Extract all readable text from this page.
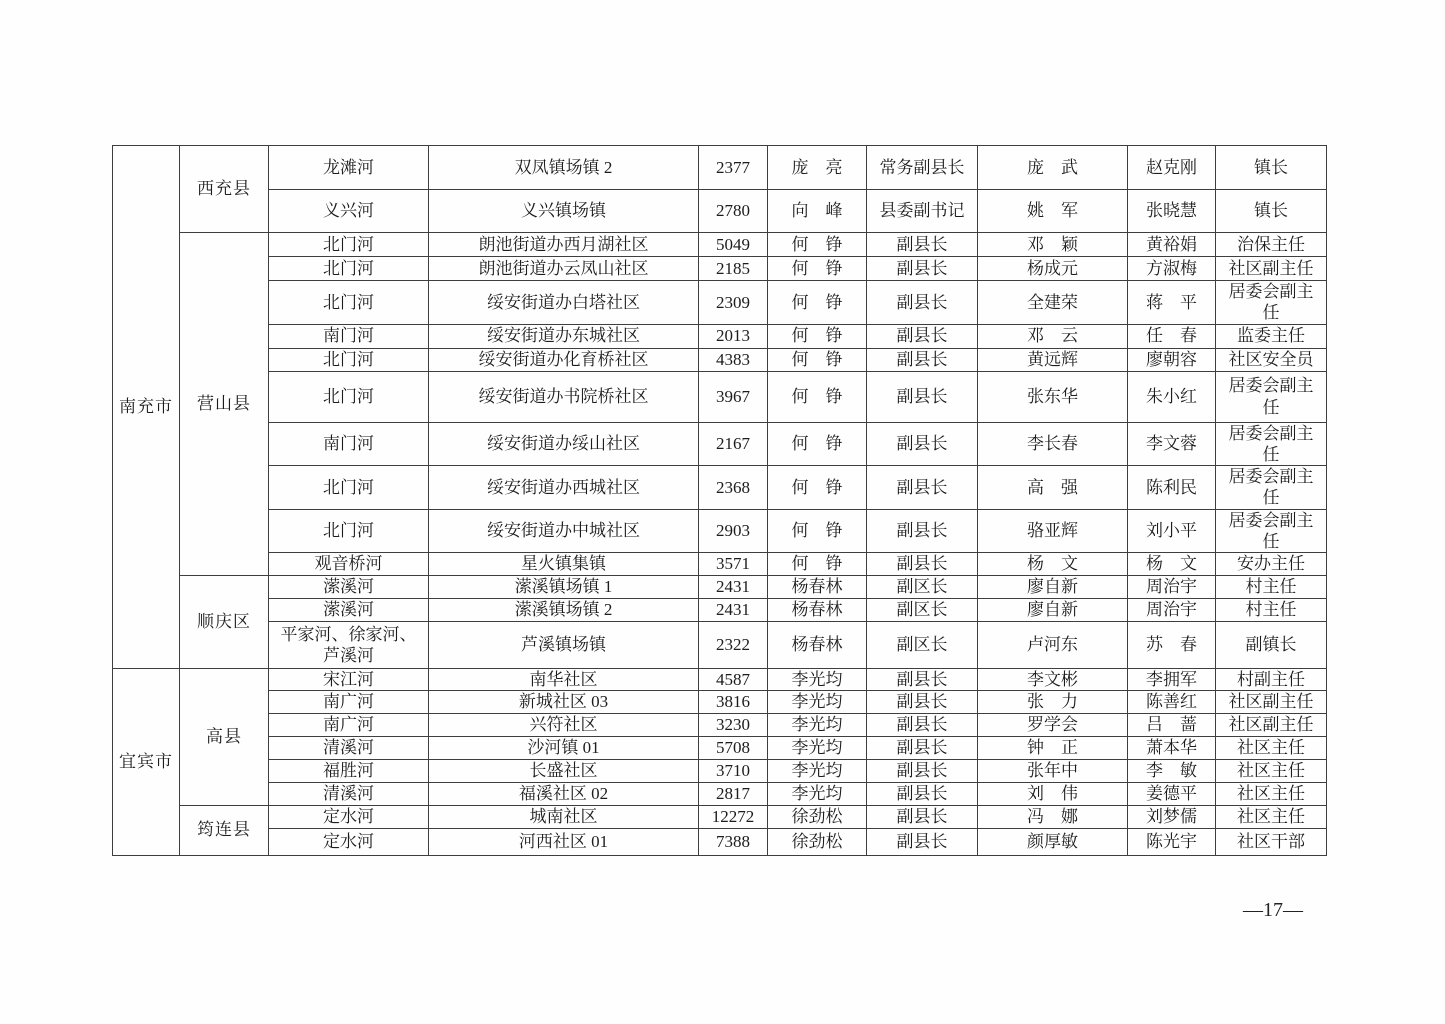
南充市	西充县	龙滩河	双凤镇场镇 2	2377	庞　亮	常务副县长	庞　武	赵克刚	镇长
		义兴河	义兴镇场镇	2780	向　峰	县委副书记	姚　军	张晓慧	镇长
	营山县	北门河	朗池街道办西月湖社区	5049	何　铮	副县长	邓　颖	黄裕娟	治保主任
		北门河	朗池街道办云凤山社区	2185	何　铮	副县长	杨成元	方淑梅	社区副主任
		北门河	绥安街道办白塔社区	2309	何　铮	副县长	全建荣	蒋　平	居委会副主任
		南门河	绥安街道办东城社区	2013	何　铮	副县长	邓　云	任　春	监委主任
		北门河	绥安街道办化育桥社区	4383	何　铮	副县长	黄远辉	廖朝容	社区安全员
		北门河	绥安街道办书院桥社区	3967	何　铮	副县长	张东华	朱小红	居委会副主任
		南门河	绥安街道办绥山社区	2167	何　铮	副县长	李长春	李文蓉	居委会副主任
		北门河	绥安街道办西城社区	2368	何　铮	副县长	高　强	陈利民	居委会副主任
		北门河	绥安街道办中城社区	2903	何　铮	副县长	骆亚辉	刘小平	居委会副主任
		观音桥河	星火镇集镇	3571	何　铮	副县长	杨　文	杨　文	安办主任
	顺庆区	潆溪河	潆溪镇场镇 1	2431	杨春林	副区长	廖自新	周治宇	村主任
		潆溪河	潆溪镇场镇 2	2431	杨春林	副区长	廖自新	周治宇	村主任
		平家河、徐家河、芦溪河	芦溪镇场镇	2322	杨春林	副区长	卢河东	苏　春	副镇长
宜宾市	高县	宋江河	南华社区	4587	李光均	副县长	李文彬	李拥军	村副主任
		南广河	新城社区 03	3816	李光均	副县长	张　力	陈善红	社区副主任
		南广河	兴符社区	3230	李光均	副县长	罗学会	吕　蔷	社区副主任
		清溪河	沙河镇 01	5708	李光均	副县长	钟　正	萧本华	社区主任
		福胜河	长盛社区	3710	李光均	副县长	张年中	李　敏	社区主任
		清溪河	福溪社区 02	2817	李光均	副县长	刘　伟	姜德平	社区主任
	筠连县	定水河	城南社区	12272	徐劲松	副县长	冯　娜	刘梦儒	社区主任
		定水河	河西社区 01	7388	徐劲松	副县长	颜厚敏	陈光宇	社区干部
—17—
